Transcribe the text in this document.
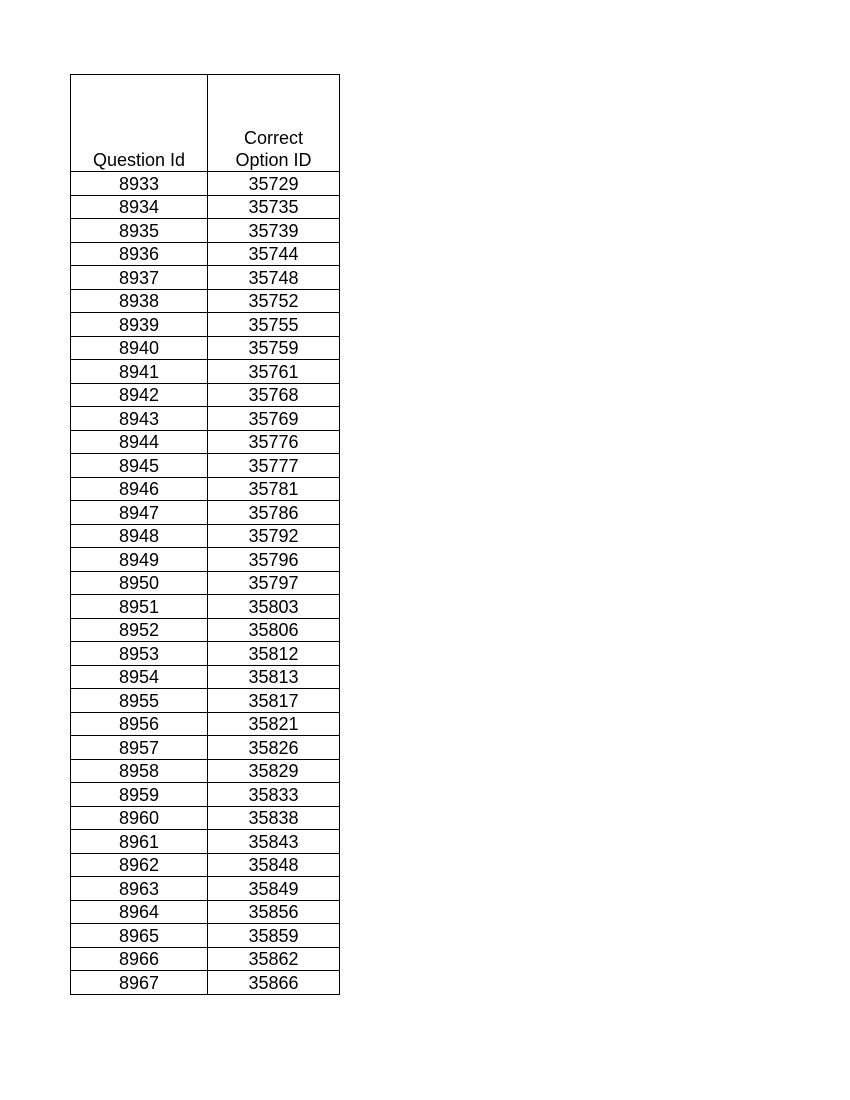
Question Id	Correct
Option ID

8933	35729
8934	35735
8935	35739
8936	35744
8937	35748
8938	35752
8939	35755
8940	35759
8941	35761
8942	35768
8943	35769
8944	35776
8945	35777
8946	35781
8947	35786
8948	35792
8949	35796
8950	35797
8951	35803
8952	35806
8953	35812
8954	35813
8955	35817
8956	35821
8957	35826
8958	35829
8959	35833
8960	35838
8961	35843
8962	35848
8963	35849
8964	35856
8965	35859
8966	35862
8967	35866
